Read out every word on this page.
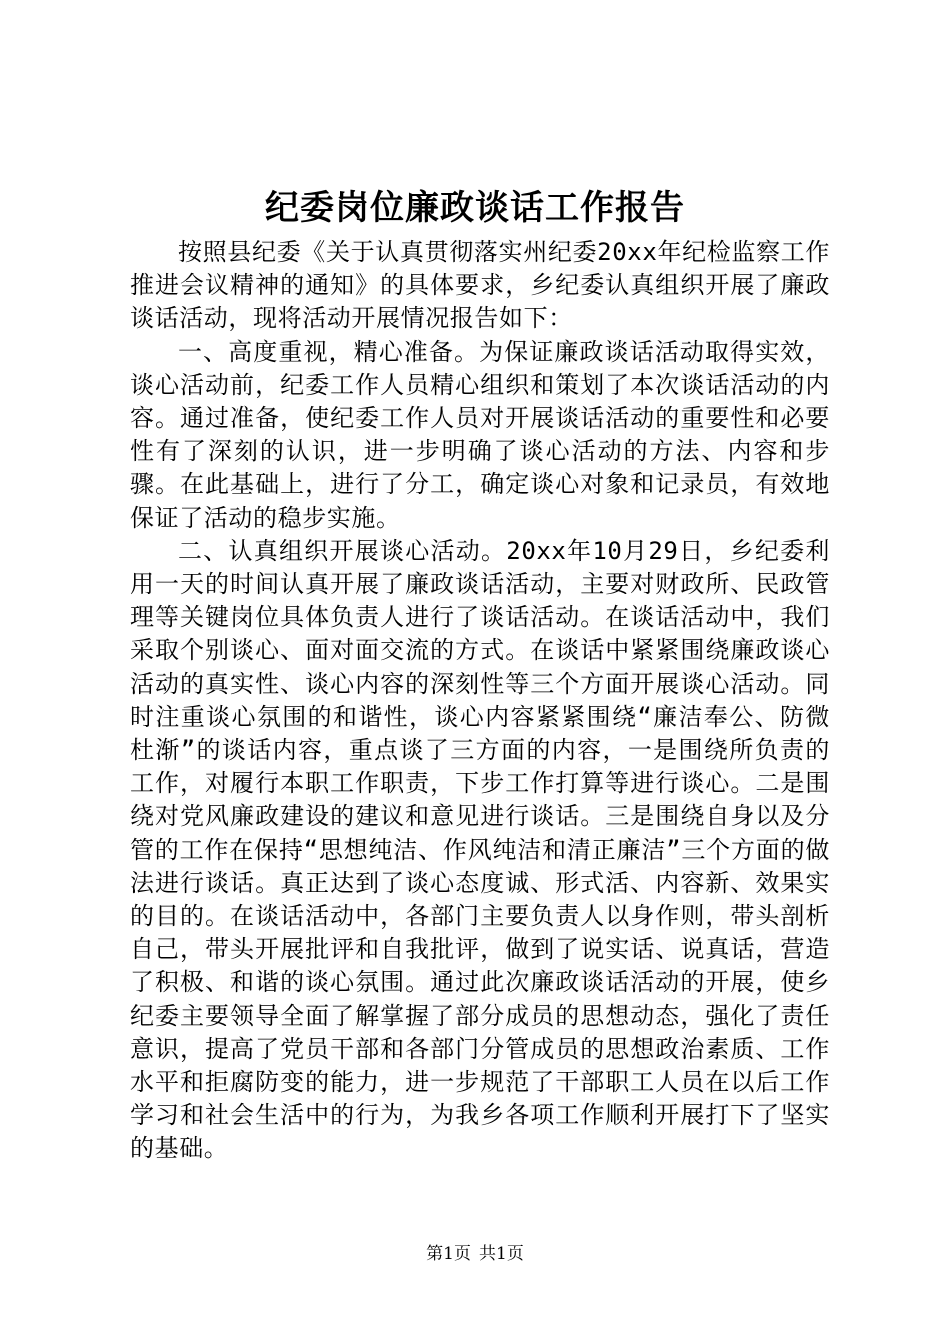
纪委岗位廉政谈话工作报告

按照县纪委《关于认真贯彻落实州纪委20xx年纪检监察工作推进会议精神的通知》的具体要求，乡纪委认真组织开展了廉政谈话活动，现将活动开展情况报告如下：

一、高度重视，精心准备。为保证廉政谈话活动取得实效，谈心活动前，纪委工作人员精心组织和策划了本次谈话活动的内容。通过准备，使纪委工作人员对开展谈话活动的重要性和必要性有了深刻的认识，进一步明确了谈心活动的方法、内容和步骤。在此基础上，进行了分工，确定谈心对象和记录员，有效地保证了活动的稳步实施。

二、认真组织开展谈心活动。20xx年10月29日，乡纪委利用一天的时间认真开展了廉政谈话活动，主要对财政所、民政管理等关键岗位具体负责人进行了谈话活动。在谈话活动中，我们采取个别谈心、面对面交流的方式。在谈话中紧紧围绕廉政谈心活动的真实性、谈心内容的深刻性等三个方面开展谈心活动。同时注重谈心氛围的和谐性，谈心内容紧紧围绕“廉洁奉公、防微杜渐”的谈话内容，重点谈了三方面的内容，一是围绕所负责的工作，对履行本职工作职责，下步工作打算等进行谈心。二是围绕对党风廉政建设的建议和意见进行谈话。三是围绕自身以及分管的工作在保持“思想纯洁、作风纯洁和清正廉洁”三个方面的做法进行谈话。真正达到了谈心态度诚、形式活、内容新、效果实的目的。在谈话活动中，各部门主要负责人以身作则，带头剖析自己，带头开展批评和自我批评，做到了说实话、说真话，营造了积极、和谐的谈心氛围。通过此次廉政谈话活动的开展，使乡纪委主要领导全面了解掌握了部分成员的思想动态，强化了责任意识，提高了党员干部和各部门分管成员的思想政治素质、工作水平和拒腐防变的能力，进一步规范了干部职工人员在以后工作学习和社会生活中的行为，为我乡各项工作顺利开展打下了坚实的基础。

第1页 共1页
